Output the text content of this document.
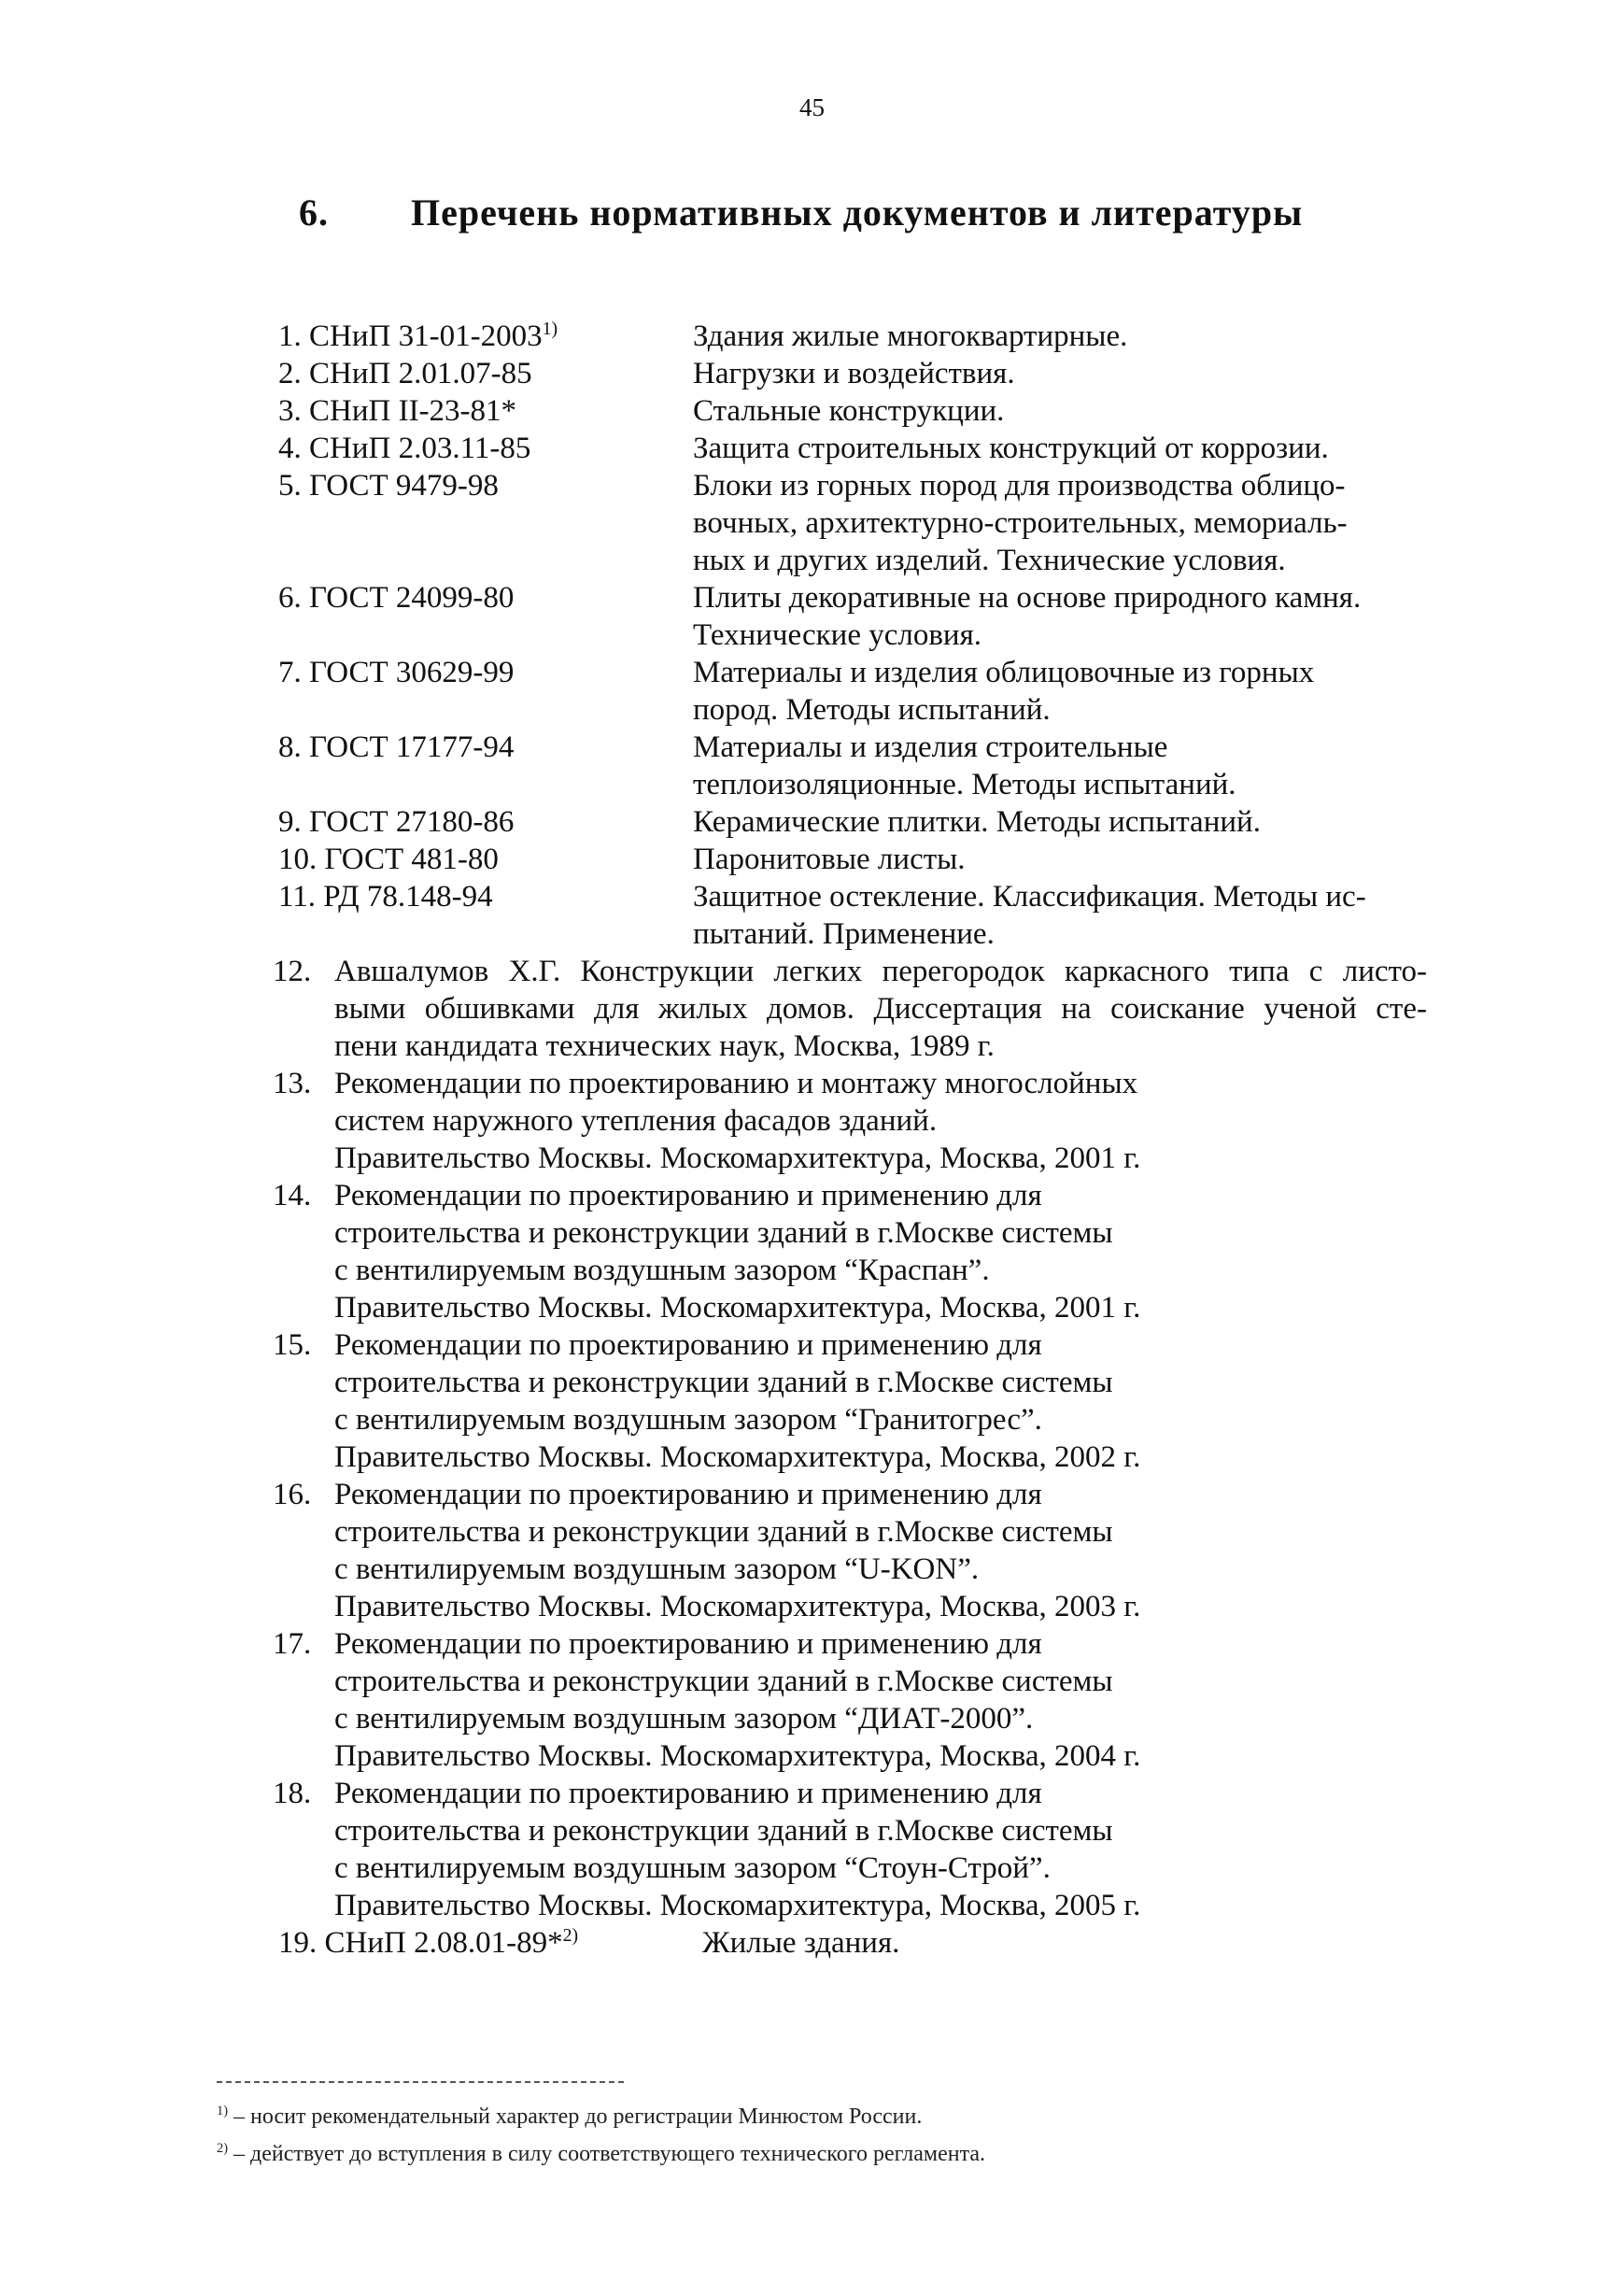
45
6. Перечень нормативных документов и литературы
1. СНиП 31-01-2003$^{1)}$	Здания жилые многоквартирные.
2. СНиП 2.01.07-85	Нагрузки и воздействия.
3. СНиП II-23-81*	Стальные конструкции.
4. СНиП 2.03.11-85	Защита строительных конструкций от коррозии.
5. ГОСТ 9479-98	Блоки из горных пород для производства облицо-
вочных, архитектурно-строительных, мемориаль-
ных и других изделий. Технические условия.
6. ГОСТ 24099-80	Плиты декоративные на основе природного камня.
Технические условия.
7. ГОСТ 30629-99	Материалы и изделия облицовочные из горных
пород. Методы испытаний.
8. ГОСТ 17177-94	Материалы и изделия строительные
теплоизоляционные. Методы испытаний.
9. ГОСТ 27180-86	Керамические плитки. Методы испытаний.
10. ГОСТ 481-80	Паронитовые листы.
11. РД 78.148-94	Защитное остекление. Классификация. Методы ис-
пытаний. Применение.
12. Авшалумов Х.Г. Конструкции легких перегородок каркасного типа с листо-
выми обшивками для жилых домов. Диссертация на соискание ученой сте-
пени кандидата технических наук, Москва, 1989 г.
13. Рекомендации по проектированию и монтажу многослойных
систем наружного утепления фасадов зданий.
Правительство Москвы. Москомархитектура, Москва, 2001 г.
14. Рекомендации по проектированию и применению для
строительства и реконструкции зданий в г.Москве системы
с вентилируемым воздушным зазором “Краспан”.
Правительство Москвы. Москомархитектура, Москва, 2001 г.
15. Рекомендации по проектированию и применению для
строительства и реконструкции зданий в г.Москве системы
с вентилируемым воздушным зазором “Гранитогрес”.
Правительство Москвы. Москомархитектура, Москва, 2002 г.
16. Рекомендации по проектированию и применению для
строительства и реконструкции зданий в г.Москве системы
с вентилируемым воздушным зазором “U-KON”.
Правительство Москвы. Москомархитектура, Москва, 2003 г.
17. Рекомендации по проектированию и применению для
строительства и реконструкции зданий в г.Москве системы
с вентилируемым воздушным зазором “ДИАТ-2000”.
Правительство Москвы. Москомархитектура, Москва, 2004 г.
18. Рекомендации по проектированию и применению для
строительства и реконструкции зданий в г.Москве системы
с вентилируемым воздушным зазором “Стоун-Строй”.
Правительство Москвы. Москомархитектура, Москва, 2005 г.
19. СНиП 2.08.01-89*$^{2)}$	Жилые здания.
$^{1)}$ – носит рекомендательный характер до регистрации Минюстом России.
$^{2)}$ – действует до вступления в силу соответствующего технического регламента.
